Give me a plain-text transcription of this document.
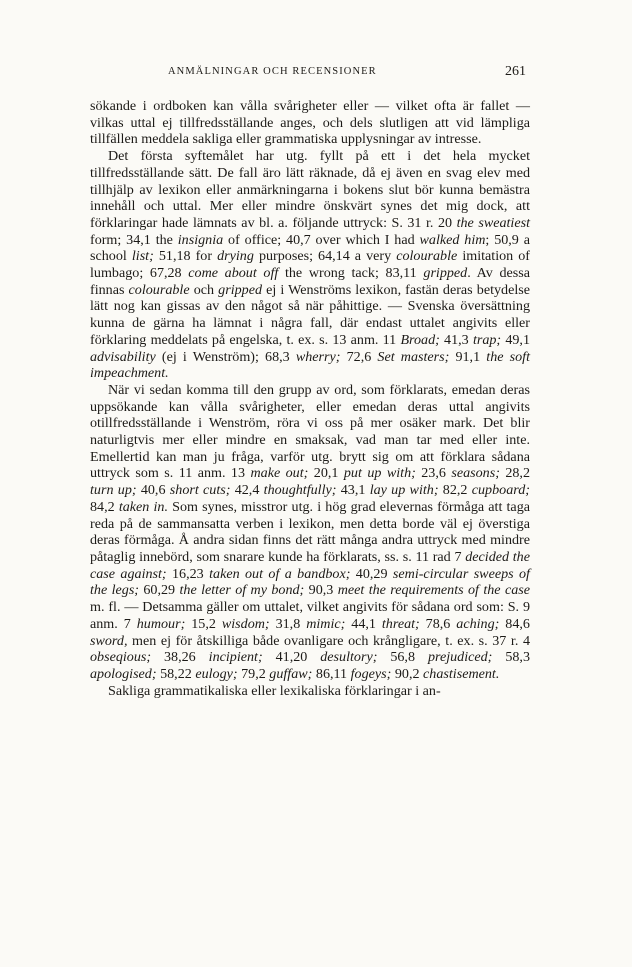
ANMÄLNINGAR OCH RECENSIONER	261

sökande i ordboken kan vålla svårigheter eller — vilket ofta är fallet — vilkas uttal ej tillfredsställande anges, och dels slutligen att vid lämpliga tillfällen meddela sakliga eller grammatiska upplysningar av intresse.

Det första syftemålet har utg. fyllt på ett i det hela mycket tillfredsställande sätt. De fall äro lätt räknade, då ej även en svag elev med tillhjälp av lexikon eller anmärkningarna i bokens slut bör kunna bemästra innehåll och uttal. Mer eller mindre önskvärt synes det mig dock, att förklaringar hade lämnats av bl. a. följande uttryck: S. 31 r. 20 the sweatiest form; 34,1 the insignia of office; 40,7 over which I had walked him; 50,9 a school list; 51,18 for drying purposes; 64,14 a very colourable imitation of lumbago; 67,28 come about off the wrong tack; 83,11 gripped. Av dessa finnas colourable och gripped ej i Wenströms lexikon, fastän deras betydelse lätt nog kan gissas av den något så när påhittige. — Svenska översättning kunna de gärna ha lämnat i några fall, där endast uttalet angivits eller förklaring meddelats på engelska, t. ex. s. 13 anm. 11 Broad; 41,3 trap; 49,1 advisability (ej i Wenström); 68,3 wherry; 72,6 Set masters; 91,1 the soft impeachment.

När vi sedan komma till den grupp av ord, som förklarats, emedan deras uppsökande kan vålla svårigheter, eller emedan deras uttal angivits otillfredsställande i Wenström, röra vi oss på mer osäker mark. Det blir naturligtvis mer eller mindre en smaksak, vad man tar med eller inte. Emellertid kan man ju fråga, varför utg. brytt sig om att förklara sådana uttryck som s. 11 anm. 13 make out; 20,1 put up with; 23,6 seasons; 28,2 turn up; 40,6 short cuts; 42,4 thoughtfully; 43,1 lay up with; 82,2 cupboard; 84,2 taken in. Som synes, misstror utg. i hög grad elevernas förmåga att taga reda på de sammansatta verben i lexikon, men detta borde väl ej överstiga deras förmåga. Å andra sidan finns det rätt många andra uttryck med mindre påtaglig innebörd, som snarare kunde ha förklarats, ss. s. 11 rad 7 decided the case against; 16,23 taken out of a bandbox; 40,29 semi-circular sweeps of the legs; 60,29 the letter of my bond; 90,3 meet the requirements of the case m. fl. — Detsamma gäller om uttalet, vilket angivits för sådana ord som: S. 9 anm. 7 humour; 15,2 wisdom; 31,8 mimic; 44,1 threat; 78,6 aching; 84,6 sword, men ej för åtskilliga både ovanligare och krångligare, t. ex. s. 37 r. 4 obseqious; 38,26 incipient; 41,20 desultory; 56,8 prejudiced; 58,3 apologised; 58,22 eulogy; 79,2 guffaw; 86,11 fogeys; 90,2 chastisement.

Sakliga grammatikaliska eller lexikaliska förklaringar i an-
